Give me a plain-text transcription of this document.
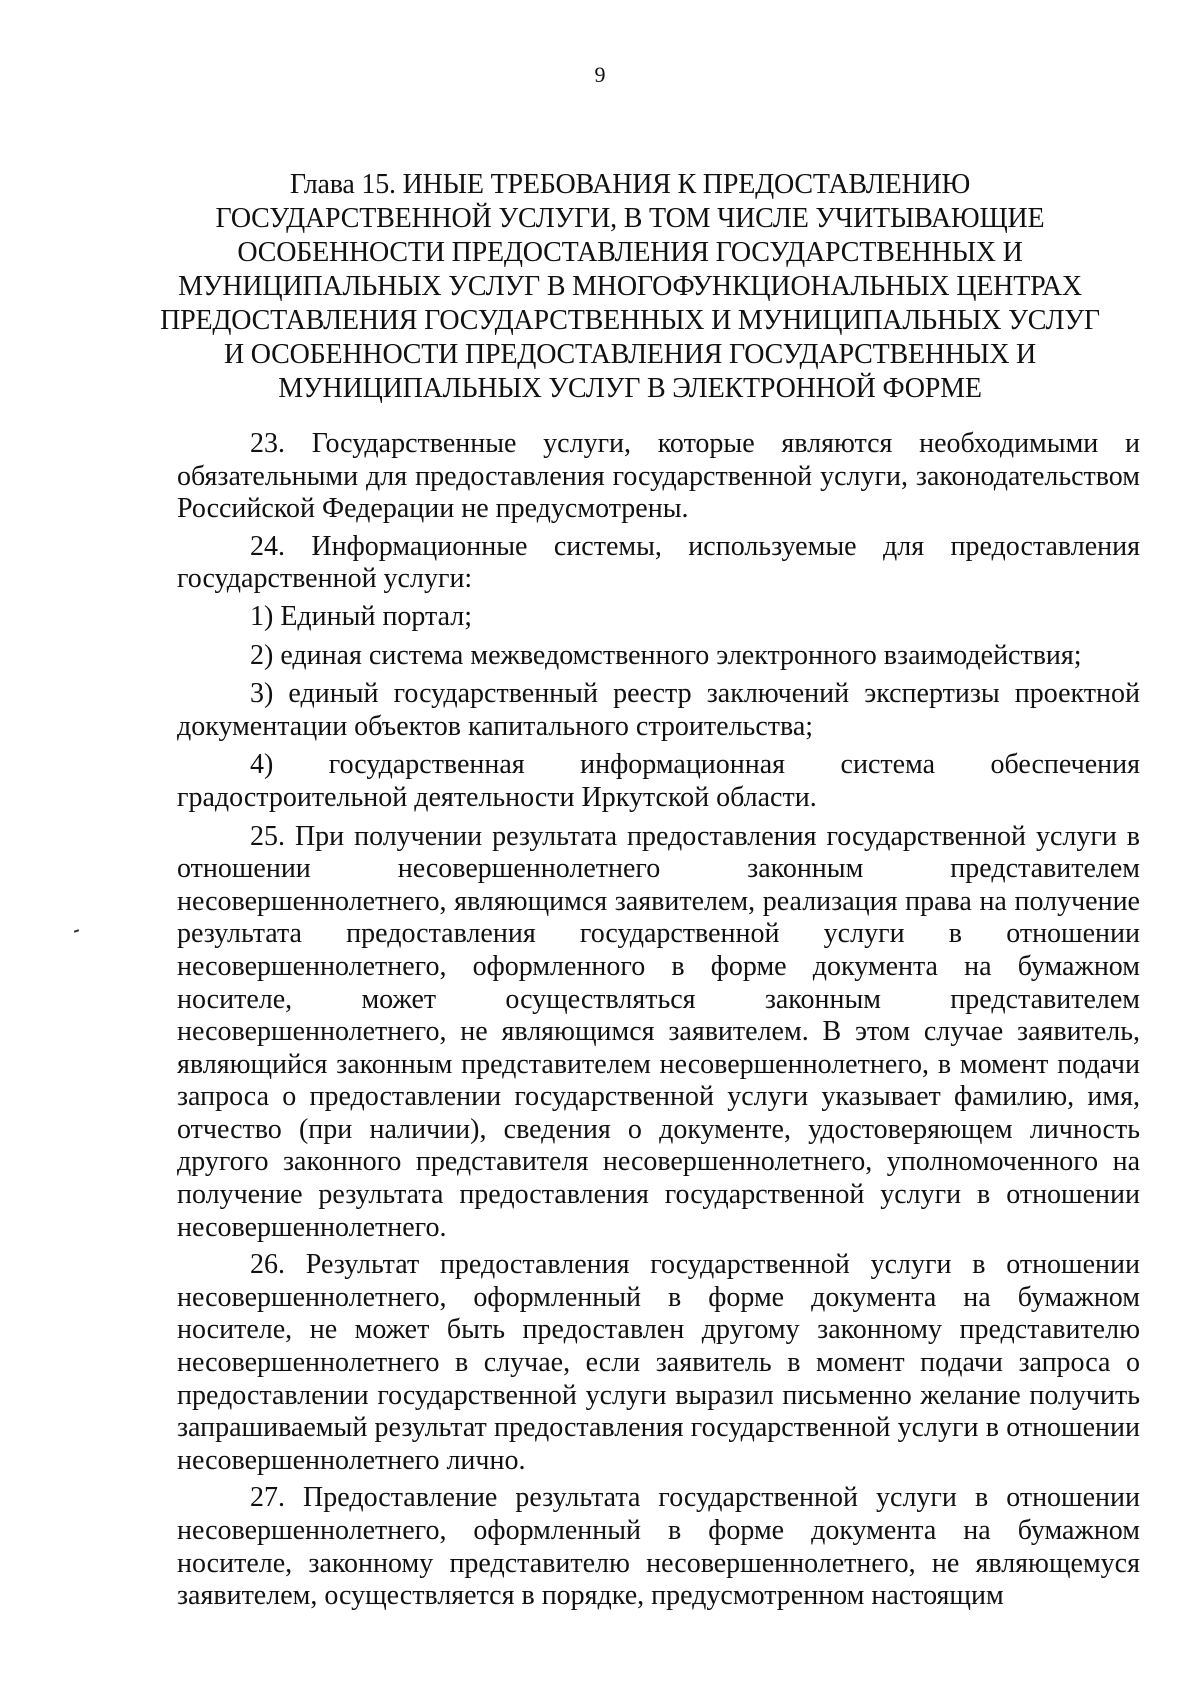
9
Глава 15. ИНЫЕ ТРЕБОВАНИЯ К ПРЕДОСТАВЛЕНИЮ ГОСУДАРСТВЕННОЙ УСЛУГИ, В ТОМ ЧИСЛЕ УЧИТЫВАЮЩИЕ ОСОБЕННОСТИ ПРЕДОСТАВЛЕНИЯ ГОСУДАРСТВЕННЫХ И МУНИЦИПАЛЬНЫХ УСЛУГ В МНОГОФУНКЦИОНАЛЬНЫХ ЦЕНТРАХ ПРЕДОСТАВЛЕНИЯ ГОСУДАРСТВЕННЫХ И МУНИЦИПАЛЬНЫХ УСЛУГ И ОСОБЕННОСТИ ПРЕДОСТАВЛЕНИЯ ГОСУДАРСТВЕННЫХ И МУНИЦИПАЛЬНЫХ УСЛУГ В ЭЛЕКТРОННОЙ ФОРМЕ

23. Государственные услуги, которые являются необходимыми и обязательными для предоставления государственной услуги, законодательством Российской Федерации не предусмотрены.

24. Информационные системы, используемые для предоставления государственной услуги:

1) Единый портал;

2) единая система межведомственного электронного взаимодействия;

3) единый государственный реестр заключений экспертизы проектной документации объектов капитального строительства;

4) государственная информационная система обеспечения градостроительной деятельности Иркутской области.

25. При получении результата предоставления государственной услуги в отношении несовершеннолетнего законным представителем несовершеннолетнего, являющимся заявителем, реализация права на получение результата предоставления государственной услуги в отношении несовершеннолетнего, оформленного в форме документа на бумажном носителе, может осуществляться законным представителем несовершеннолетнего, не являющимся заявителем. В этом случае заявитель, являющийся законным представителем несовершеннолетнего, в момент подачи запроса о предоставлении государственной услуги указывает фамилию, имя, отчество (при наличии), сведения о документе, удостоверяющем личность другого законного представителя несовершеннолетнего, уполномоченного на получение результата предоставления государственной услуги в отношении несовершеннолетнего.

26. Результат предоставления государственной услуги в отношении несовершеннолетнего, оформленный в форме документа на бумажном носителе, не может быть предоставлен другому законному представителю несовершеннолетнего в случае, если заявитель в момент подачи запроса о предоставлении государственной услуги выразил письменно желание получить запрашиваемый результат предоставления государственной услуги в отношении несовершеннолетнего лично.

27. Предоставление результата государственной услуги в отношении несовершеннолетнего, оформленный в форме документа на бумажном носителе, законному представителю несовершеннолетнего, не являющемуся заявителем, осуществляется в порядке, предусмотренном настоящим
